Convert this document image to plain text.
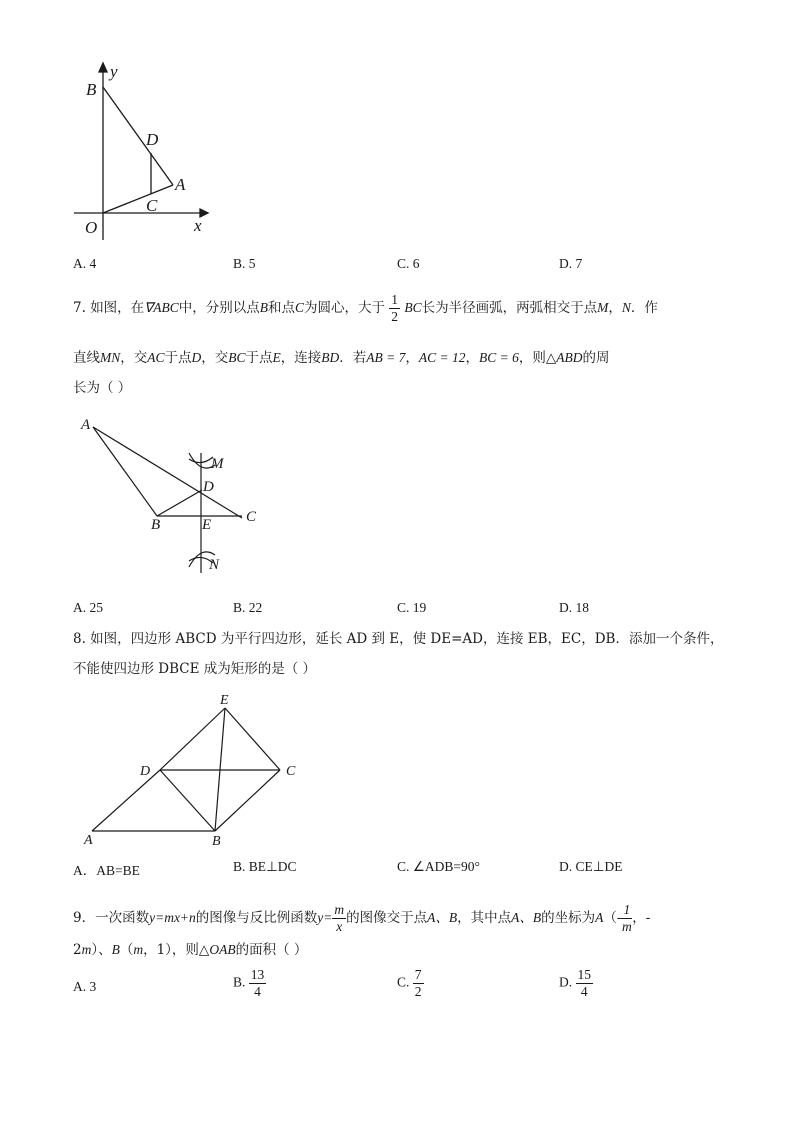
B
y
D
A
C
O	x
A. 4	B. 5	C. 6	D. 7
7. 如图，在∇ABC中，分别以点B和点C为圆心，大于 $\frac{1}{2}$ BC长为半径画弧，两弧相交于点M，N．作
直线MN，交AC于点D，交BC于点E，连接BD．若AB = 7，AC = 12，BC = 6，则△ABD的周
长为（ ）
A
M
D
C
B	E
N
A. 25	B. 22	C. 19	D. 18
8. 如图，四边形 ABCD 为平行四边形，延长 AD 到 E，使 DE=AD，连接 EB，EC，DB．添加一个条件，
不能使四边形 DBCE 成为矩形的是（ ）
E
D	C
A	B
A．AB=BE	B. BE⊥DC	C. ∠ADB=90°	D. CE⊥DE
9．一次函数y=mx+n的图像与反比例函数$y= \frac{m}{x}$ 的图像交于点A、B，其中点A、B的坐标为$A(- \frac{1}{m}$ ，-
2m）、B（m，1），则△OAB的面积（ ）
A. 3	B. $\frac{13}{4}$	C. $\frac{7}{2}$	D. $\frac{15}{4}$
